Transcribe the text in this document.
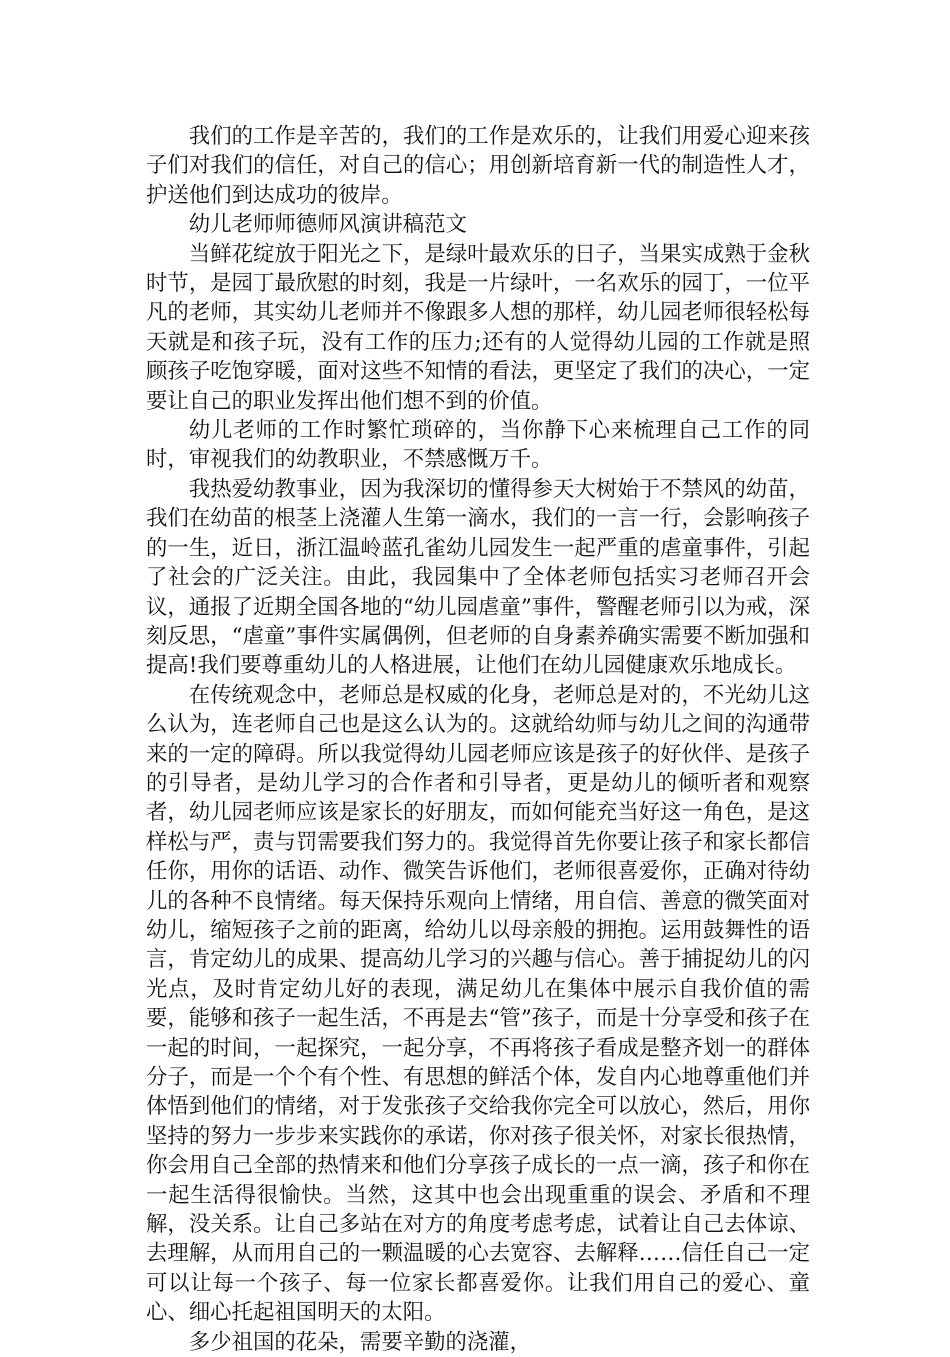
我们的工作是辛苦的，我们的工作是欢乐的，让我们用爱心迎来孩子们对我们的信任，对自己的信心；用创新培育新一代的制造性人才，护送他们到达成功的彼岸。

幼儿老师师德师风演讲稿范文

当鲜花绽放于阳光之下，是绿叶最欢乐的日子，当果实成熟于金秋时节，是园丁最欣慰的时刻，我是一片绿叶，一名欢乐的园丁，一位平凡的老师，其实幼儿老师并不像跟多人想的那样，幼儿园老师很轻松每天就是和孩子玩，没有工作的压力;还有的人觉得幼儿园的工作就是照顾孩子吃饱穿暖，面对这些不知情的看法，更坚定了我们的决心，一定要让自己的职业发挥出他们想不到的价值。

幼儿老师的工作时繁忙琐碎的，当你静下心来梳理自己工作的同时，审视我们的幼教职业，不禁感慨万千。

我热爱幼教事业，因为我深切的懂得参天大树始于不禁风的幼苗，我们在幼苗的根茎上浇灌人生第一滴水，我们的一言一行，会影响孩子的一生，近日，浙江温岭蓝孔雀幼儿园发生一起严重的虐童事件，引起了社会的广泛关注。由此，我园集中了全体老师包括实习老师召开会议，通报了近期全国各地的“幼儿园虐童”事件，警醒老师引以为戒，深刻反思，“虐童”事件实属偶例，但老师的自身素养确实需要不断加强和提高!我们要尊重幼儿的人格进展，让他们在幼儿园健康欢乐地成长。

在传统观念中，老师总是权威的化身，老师总是对的，不光幼儿这么认为，连老师自己也是这么认为的。这就给幼师与幼儿之间的沟通带来的一定的障碍。所以我觉得幼儿园老师应该是孩子的好伙伴、是孩子的引导者，是幼儿学习的合作者和引导者，更是幼儿的倾听者和观察者，幼儿园老师应该是家长的好朋友，而如何能充当好这一角色，是这样松与严，责与罚需要我们努力的。我觉得首先你要让孩子和家长都信任你，用你的话语、动作、微笑告诉他们，老师很喜爱你，正确对待幼儿的各种不良情绪。每天保持乐观向上情绪，用自信、善意的微笑面对幼儿，缩短孩子之前的距离，给幼儿以母亲般的拥抱。运用鼓舞性的语言，肯定幼儿的成果、提高幼儿学习的兴趣与信心。善于捕捉幼儿的闪光点，及时肯定幼儿好的表现，满足幼儿在集体中展示自我价值的需要，能够和孩子一起生活，不再是去“管”孩子，而是十分享受和孩子在一起的时间，一起探究，一起分享，不再将孩子看成是整齐划一的群体分子，而是一个个有个性、有思想的鲜活个体，发自内心地尊重他们并体悟到他们的情绪，对于发张孩子交给我你完全可以放心，然后，用你坚持的努力一步步来实践你的承诺，你对孩子很关怀，对家长很热情，你会用自己全部的热情来和他们分享孩子成长的一点一滴，孩子和你在一起生活得很愉快。当然，这其中也会出现重重的误会、矛盾和不理解，没关系。让自己多站在对方的角度考虑考虑，试着让自己去体谅、去理解，从而用自己的一颗温暖的心去宽容、去解释……信任自己一定可以让每一个孩子、每一位家长都喜爱你。让我们用自己的爱心、童心、细心托起祖国明天的太阳。

多少祖国的花朵，需要辛勤的浇灌，
